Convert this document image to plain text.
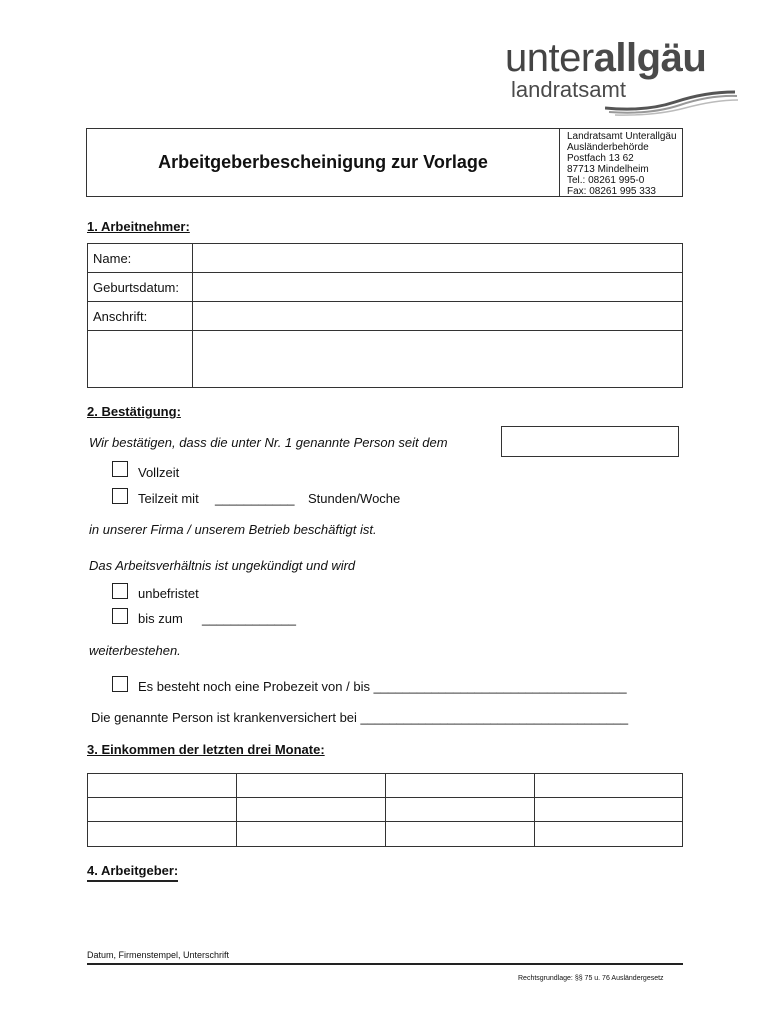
unterallgäu
landratsamt
Arbeitgeberbescheinigung zur Vorlage
Landratsamt Unterallgäu
Ausländerbehörde
Postfach 13 62
87713 Mindelheim
Tel.: 08261 995-0
Fax: 08261 995 333
1. Arbeitnehmer:
Name:
Geburtsdatum:
Anschrift:
2. Bestätigung:
Wir bestätigen, dass die unter Nr. 1 genannte Person seit dem
Vollzeit
Teilzeit mit ___________ Stunden/Woche
in unserer Firma / unserem Betrieb beschäftigt ist.
Das Arbeitsverhältnis ist ungekündigt und wird
unbefristet
bis zum _____________
weiterbestehen.
Es besteht noch eine Probezeit von / bis ___________________________________
Die genannte Person ist krankenversichert bei _____________________________________
3. Einkommen der letzten drei Monate:
4. Arbeitgeber:
Datum, Firmenstempel, Unterschrift
Rechtsgrundlage: §§ 75 u. 76 Ausländergesetz
